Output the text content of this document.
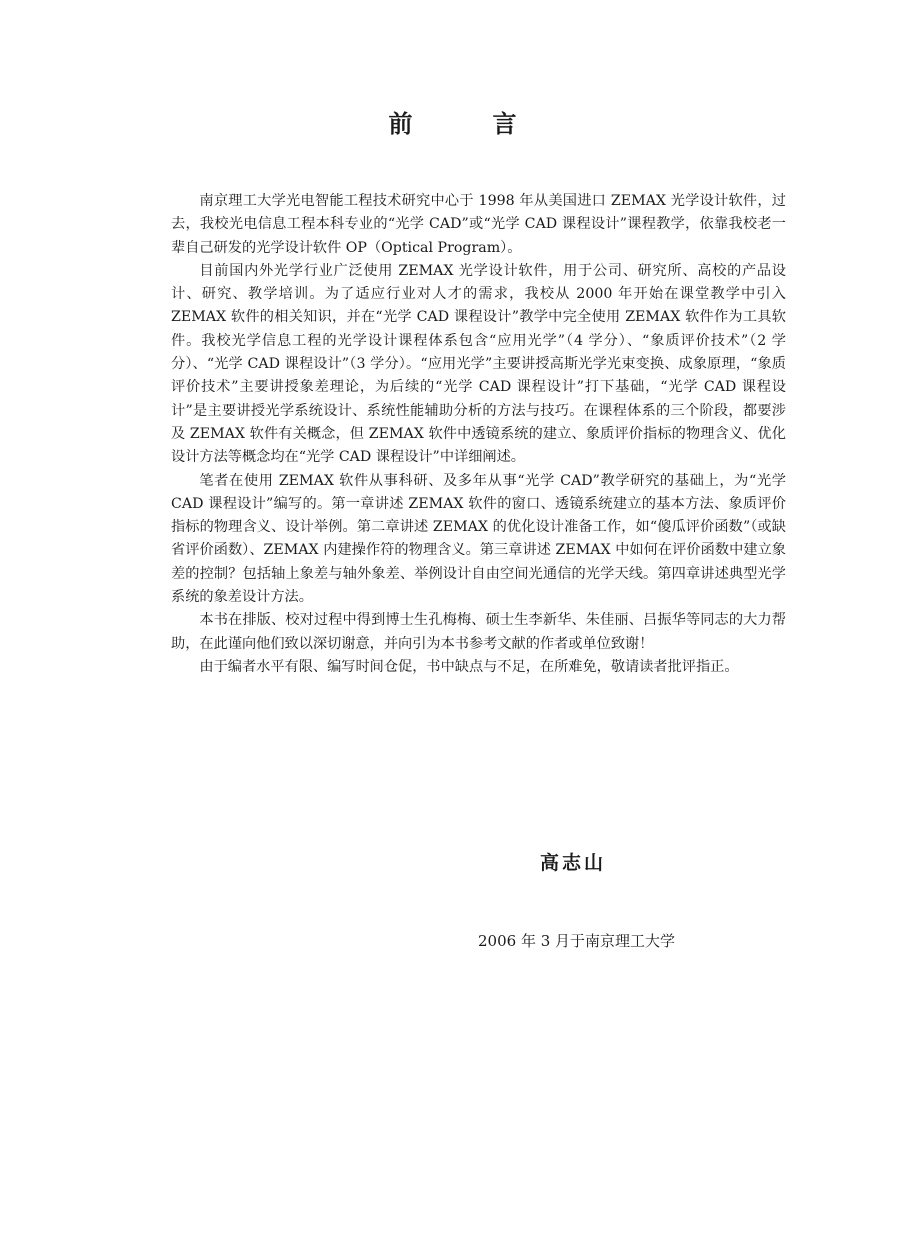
前　言

南京理工大学光电智能工程技术研究中心于 1998 年从美国进口 ZEMAX 光学设计软件，过去，我校光电信息工程本科专业的“光学 CAD”或“光学 CAD 课程设计”课程教学，依靠我校老一辈自己研发的光学设计软件 OP（Optical Program）。

目前国内外光学行业广泛使用 ZEMAX 光学设计软件，用于公司、研究所、高校的产品设计、研究、教学培训。为了适应行业对人才的需求，我校从 2000 年开始在课堂教学中引入 ZEMAX 软件的相关知识，并在“光学 CAD 课程设计”教学中完全使用 ZEMAX 软件作为工具软件。我校光学信息工程的光学设计课程体系包含“应用光学”（4 学分）、“象质评价技术”（2 学分）、“光学 CAD 课程设计”（3 学分）。“应用光学”主要讲授高斯光学光束变换、成象原理，“象质评价技术”主要讲授象差理论，为后续的“光学 CAD 课程设计”打下基础，“光学 CAD 课程设计”是主要讲授光学系统设计、系统性能辅助分析的方法与技巧。在课程体系的三个阶段，都要涉及 ZEMAX 软件有关概念，但 ZEMAX 软件中透镜系统的建立、象质评价指标的物理含义、优化设计方法等概念均在“光学 CAD 课程设计”中详细阐述。

笔者在使用 ZEMAX 软件从事科研、及多年从事“光学 CAD”教学研究的基础上，为“光学 CAD 课程设计”编写的。第一章讲述 ZEMAX 软件的窗口、透镜系统建立的基本方法、象质评价指标的物理含义、设计举例。第二章讲述 ZEMAX 的优化设计准备工作，如“傻瓜评价函数”（或缺省评价函数）、ZEMAX 内建操作符的物理含义。第三章讲述 ZEMAX 中如何在评价函数中建立象差的控制？包括轴上象差与轴外象差、举例设计自由空间光通信的光学天线。第四章讲述典型光学系统的象差设计方法。

本书在排版、校对过程中得到博士生孔梅梅、硕士生李新华、朱佳丽、吕振华等同志的大力帮助，在此谨向他们致以深切谢意，并向引为本书参考文献的作者或单位致谢！

由于编者水平有限、编写时间仓促，书中缺点与不足，在所难免，敬请读者批评指正。

高志山
2006 年 3 月于南京理工大学
